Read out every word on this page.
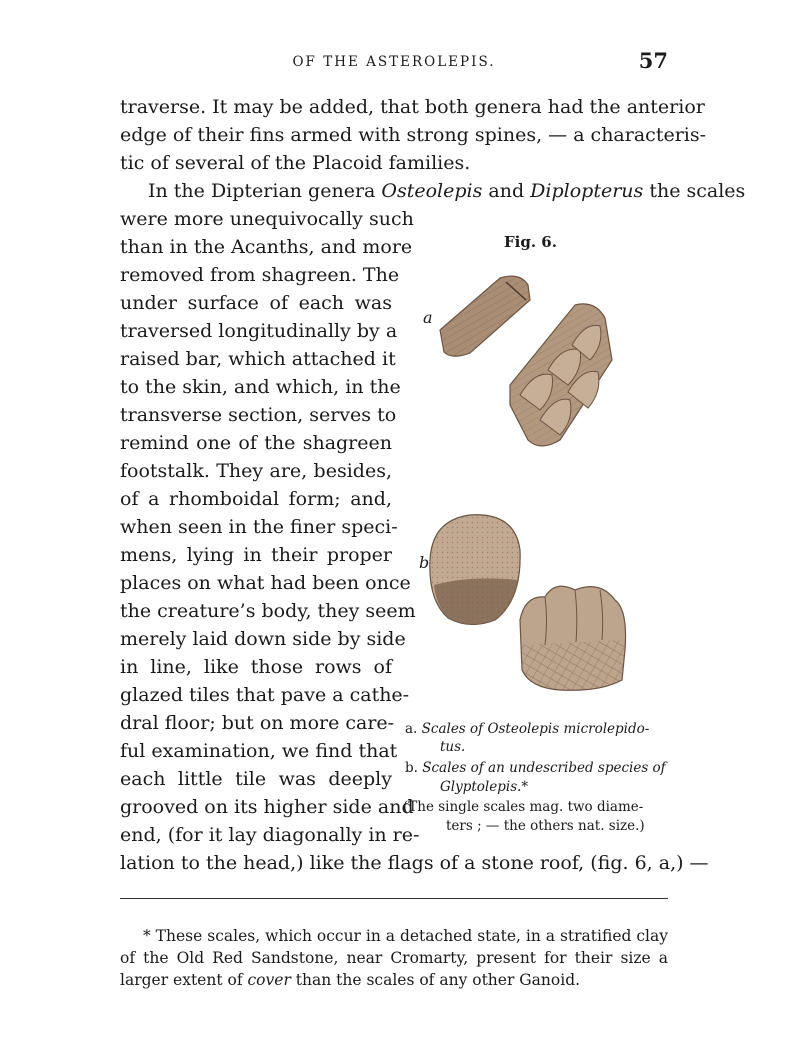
OF THE ASTEROLEPIS.	57
traverse. It may be added, that both genera had the anterior
edge of their fins armed with strong spines, — a characteris-
tic of several of the Placoid families.
In the Dipterian genera Osteolepis and Diplopterus the scales
were more unequivocally such
than in the Acanths, and more
removed from shagreen. The
under surface of each was
traversed longitudinally by a
raised bar, which attached it
to the skin, and which, in the
transverse section, serves to
remind one of the shagreen
footstalk. They are, besides,
of a rhomboidal form; and,
when seen in the finer speci-
mens, lying in their proper
places on what had been once
the creature’s body, they seem
merely laid down side by side
in line, like those rows of
glazed tiles that pave a cathe-
dral floor; but on more care-
ful examination, we find that
each little tile was deeply
grooved on its higher side and
end, (for it lay diagonally in re-
lation to the head,) like the flags of a stone roof, (fig. 6, a,) —
Fig. 6.
a
b
a. Scales of Osteolepis microlepido-
tus.
b. Scales of an undescribed species of
Glyptolepis.*
(The single scales mag. two diame-
ters ; — the others nat. size.)
* These scales, which occur in a detached state, in a stratified clay
of the Old Red Sandstone, near Cromarty, present for their size a
larger extent of cover than the scales of any other Ganoid.
